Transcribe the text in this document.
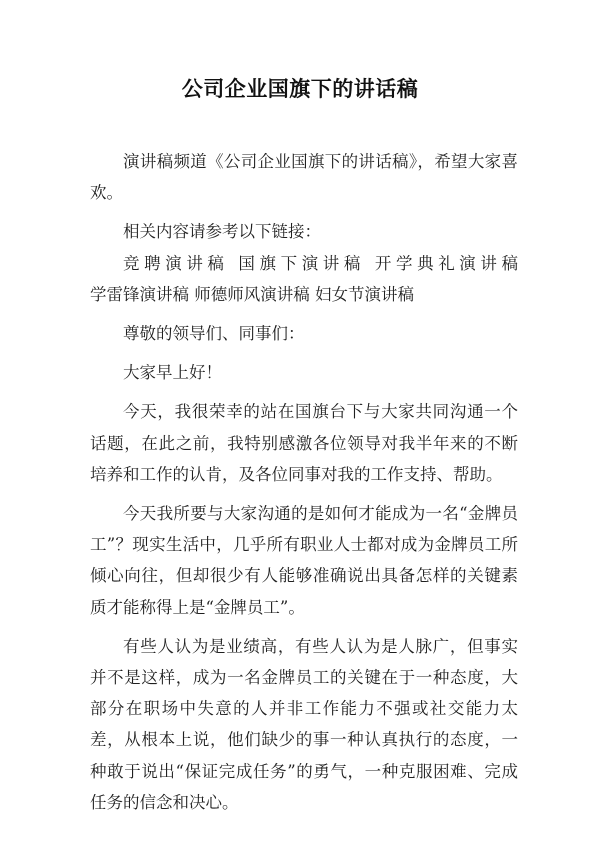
公司企业国旗下的讲话稿

演讲稿频道《公司企业国旗下的讲话稿》，希望大家喜欢。

相关内容请参考以下链接：

竞聘演讲稿 国旗下演讲稿 开学典礼演讲稿 学雷锋演讲稿 师德师风演讲稿 妇女节演讲稿

尊敬的领导们、同事们：

大家早上好！

今天，我很荣幸的站在国旗台下与大家共同沟通一个话题，在此之前，我特别感激各位领导对我半年来的不断培养和工作的认肯，及各位同事对我的工作支持、帮助。

今天我所要与大家沟通的是如何才能成为一名“金牌员工”？现实生活中，几乎所有职业人士都对成为金牌员工所倾心向往，但却很少有人能够准确说出具备怎样的关键素质才能称得上是“金牌员工”。

有些人认为是业绩高，有些人认为是人脉广，但事实并不是这样，成为一名金牌员工的关键在于一种态度，大部分在职场中失意的人并非工作能力不强或社交能力太差，从根本上说，他们缺少的事一种认真执行的态度，一种敢于说出“保证完成任务”的勇气，一种克服困难、完成任务的信念和决心。
